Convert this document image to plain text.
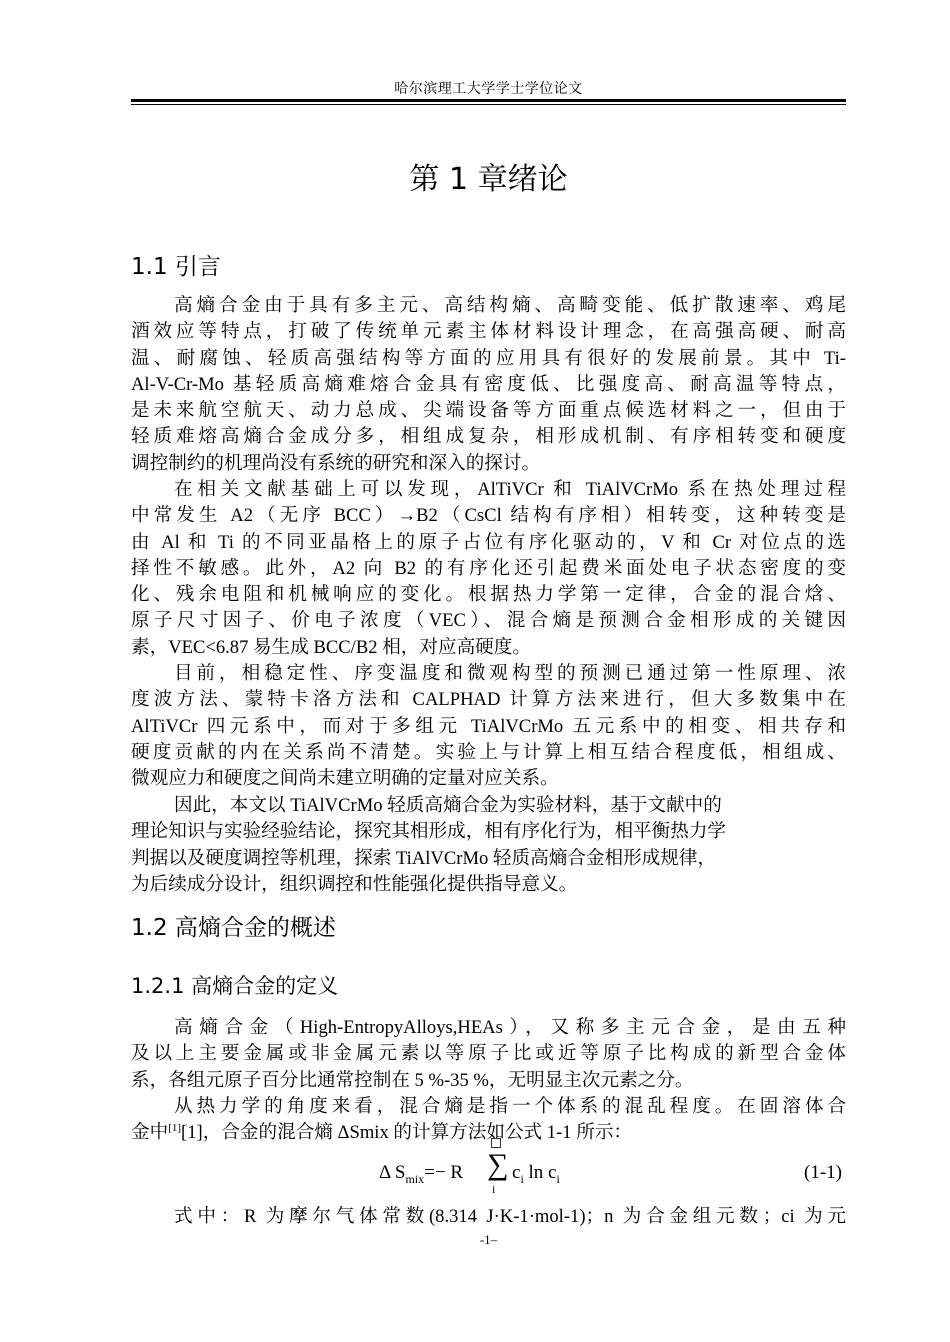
哈尔滨理工大学学士学位论文
第 1 章绪论
1.1 引言
高熵合金由于具有多主元、高结构熵、高畸变能、低扩散速率、鸡尾
酒效应等特点，打破了传统单元素主体材料设计理念，在高强高硬、耐高
温、耐腐蚀、轻质高强结构等方面的应用具有很好的发展前景。其中 Ti-
Al-V-Cr-Mo 基轻质高熵难熔合金具有密度低、比强度高、耐高温等特点，
是未来航空航天、动力总成、尖端设备等方面重点候选材料之一，但由于
轻质难熔高熵合金成分多，相组成复杂，相形成机制、有序相转变和硬度
调控制约的机理尚没有系统的研究和深入的探讨。
在相关文献基础上可以发现，AlTiVCr 和 TiAlVCrMo 系在热处理过程
中常发生 A2（无序 BCC）→B2（CsCl 结构有序相）相转变，这种转变是
由 Al 和 Ti 的不同亚晶格上的原子占位有序化驱动的，V 和 Cr 对位点的选
择性不敏感。此外，A2 向 B2 的有序化还引起费米面处电子状态密度的变
化、残余电阻和机械响应的变化。根据热力学第一定律，合金的混合焓、
原子尺寸因子、价电子浓度（VEC）、混合熵是预测合金相形成的关键因
素，VEC<6.87 易生成 BCC/B2 相，对应高硬度。
目前，相稳定性、序变温度和微观构型的预测已通过第一性原理、浓
度波方法、蒙特卡洛方法和 CALPHAD 计算方法来进行，但大多数集中在
AlTiVCr 四元系中，而对于多组元 TiAlVCrMo 五元系中的相变、相共存和
硬度贡献的内在关系尚不清楚。实验上与计算上相互结合程度低，相组成、
微观应力和硬度之间尚未建立明确的定量对应关系。
因此，本文以 TiAlVCrMo 轻质高熵合金为实验材料，基于文献中的
理论知识与实验经验结论，探究其相形成，相有序化行为，相平衡热力学
判据以及硬度调控等机理，探索 TiAlVCrMo 轻质高熵合金相形成规律，
为后续成分设计，组织调控和性能强化提供指导意义。
1.2 高熵合金的概述
1.2.1 高熵合金的定义
高熵合金（High-EntropyAlloys,HEAs），又称多主元合金，是由五种
及以上主要金属或非金属元素以等原子比或近等原子比构成的新型合金体
系，各组元原子百分比通常控制在 5 %-35 %，无明显主次元素之分。
从热力学的角度来看，混合熵是指一个体系的混乱程度。在固溶体合
金中[1][1]，合金的混合熵 ΔSmix 的计算方法如公式 1-1 所示：
Δ $S_{mix}=- R$ ∑
i
$c_i$ $\ln c_i$	(1-1)
式中：R 为摩尔气体常数(8.314 J·K-1·mol-1)；n 为合金组元数；ci 为元
-1–
